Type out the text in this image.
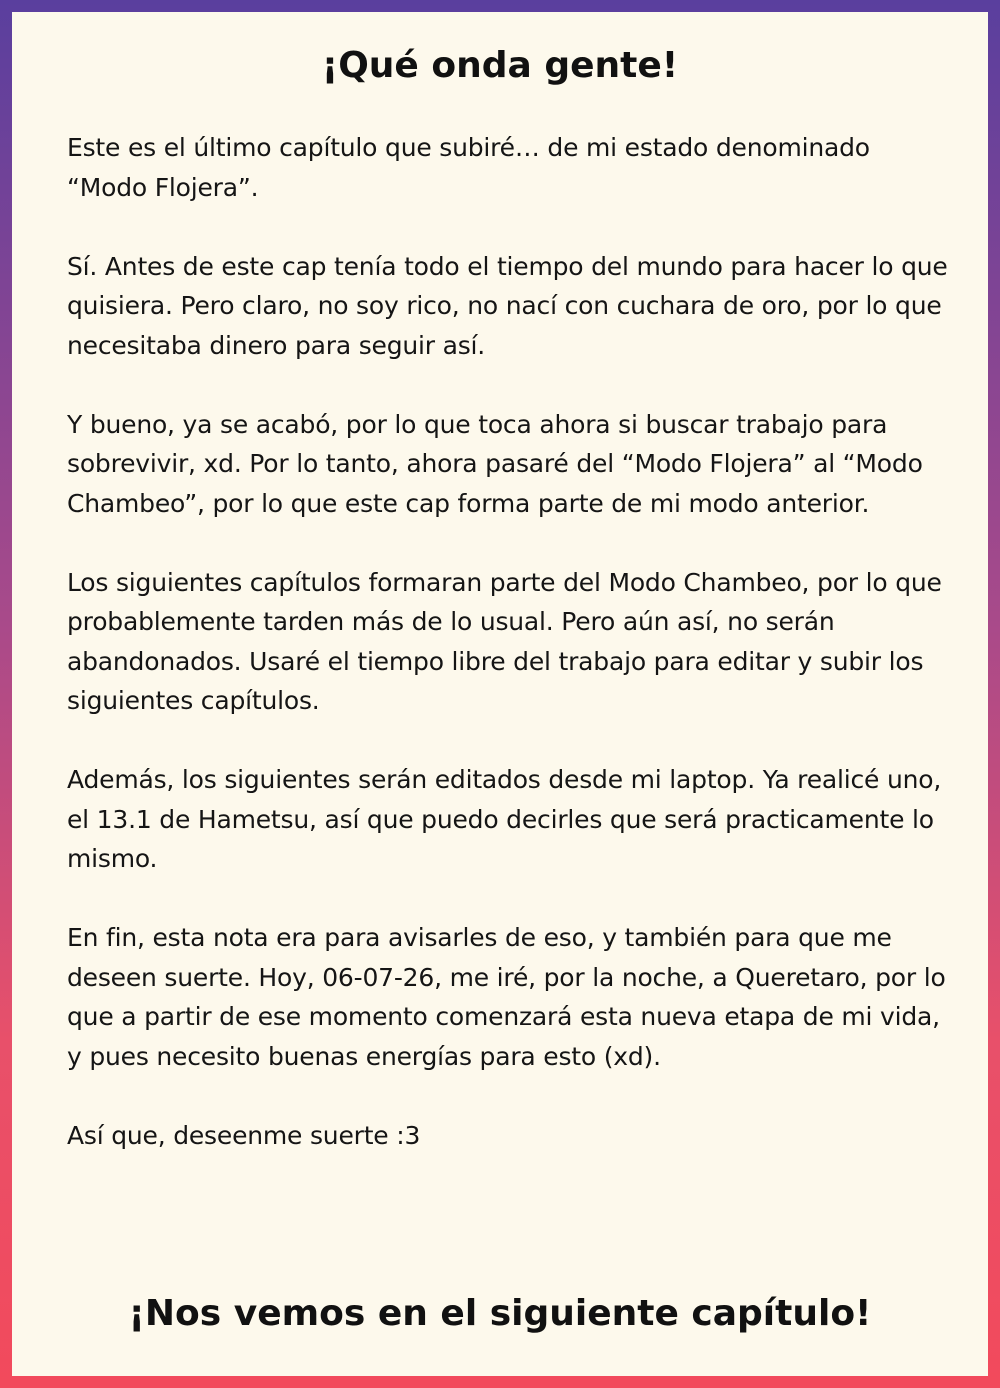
¡Qué onda gente!

Este es el último capítulo que subiré… de mi estado denominado “Modo Flojera”.

Sí. Antes de este cap tenía todo el tiempo del mundo para hacer lo que quisiera. Pero claro, no soy rico, no nací con cuchara de oro, por lo que necesitaba dinero para seguir así.

Y bueno, ya se acabó, por lo que toca ahora si buscar trabajo para sobrevivir, xd. Por lo tanto, ahora pasaré del “Modo Flojera” al “Modo Chambeo”, por lo que este cap forma parte de mi modo anterior.

Los siguientes capítulos formaran parte del Modo Chambeo, por lo que probablemente tarden más de lo usual. Pero aún así, no serán abandonados. Usaré el tiempo libre del trabajo para editar y subir los siguientes capítulos.

Además, los siguientes serán editados desde mi laptop. Ya realicé uno, el 13.1 de Hametsu, así que puedo decirles que será practicamente lo mismo.

En fin, esta nota era para avisarles de eso, y también para que me deseen suerte. Hoy, 06-07-26, me iré, por la noche, a Queretaro, por lo que a partir de ese momento comenzará esta nueva etapa de mi vida, y pues necesito buenas energías para esto (xd).

Así que, deseenme suerte :3

¡Nos vemos en el siguiente capítulo!
